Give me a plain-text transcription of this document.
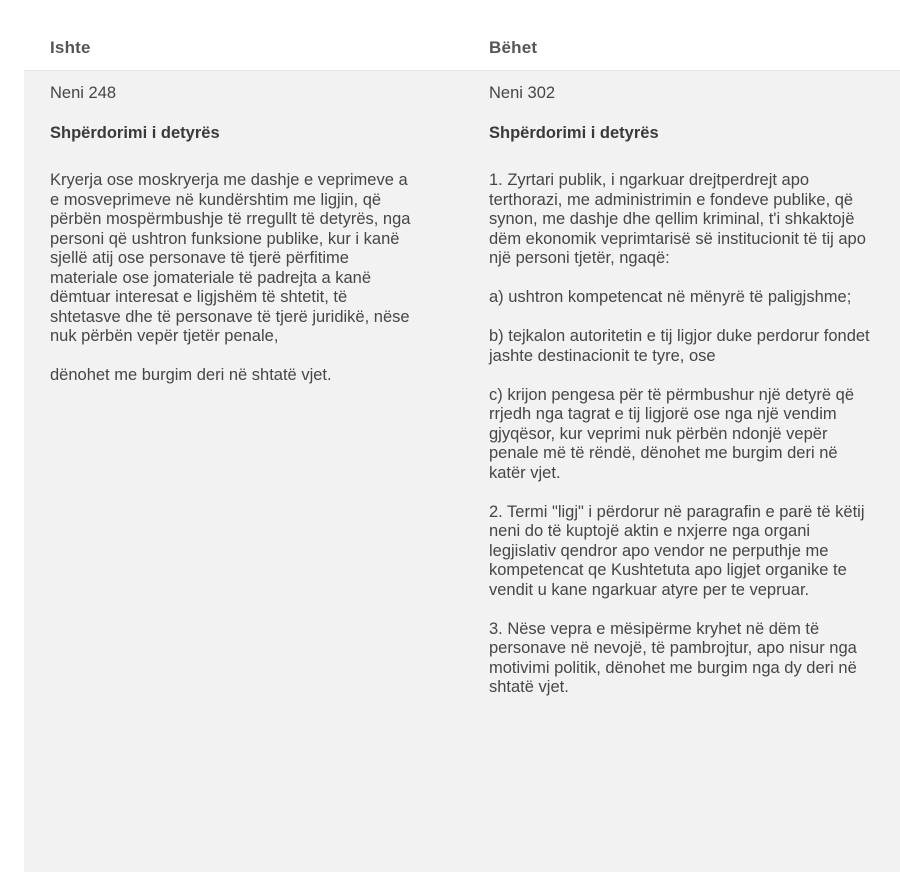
Ishte	Bëhet
Neni 248
Shpërdorimi i detyrës
Kryerja ose moskryerja me dashje e veprimeve a e mosveprimeve në kundërshtim me ligjin, që përbën mospërmbushje të rregullt të detyrës, nga personi që ushtron funksione publike, kur i kanë sjellë atij ose personave të tjerë përfitime materiale ose jomateriale të padrejta a kanë dëmtuar interesat e ligjshëm të shtetit, të shtetasve dhe të personave të tjerë juridikë, nëse nuk përbën vepër tjetër penale,
dënohet me burgim deri në shtatë vjet.
Neni 302
Shpërdorimi i detyrës
1. Zyrtari publik, i ngarkuar drejtperdrejt apo terthorazi, me administrimin e fondeve publike, që synon, me dashje dhe qellim kriminal, t'i shkaktojë dëm ekonomik veprimtarisë së institucionit të tij apo një personi tjetër, ngaqë:
a) ushtron kompetencat në mënyrë të paligjshme;
b) tejkalon autoritetin e tij ligjor duke perdorur fondet jashte destinacionit te tyre, ose
c) krijon pengesa për të përmbushur një detyrë që rrjedh nga tagrat e tij ligjorë ose nga një vendim gjyqësor, kur veprimi nuk përbën ndonjë vepër penale më të rëndë, dënohet me burgim deri në katër vjet.
2. Termi "ligj" i përdorur në paragrafin e parë të këtij neni do të kuptojë aktin e nxjerre nga organi legjislativ qendror apo vendor ne perputhje me kompetencat qe Kushtetuta apo ligjet organike te vendit u kane ngarkuar atyre per te vepruar.
3. Nëse vepra e mësipërme kryhet në dëm të personave në nevojë, të pambrojtur, apo nisur nga motivimi politik, dënohet me burgim nga dy deri në shtatë vjet.
